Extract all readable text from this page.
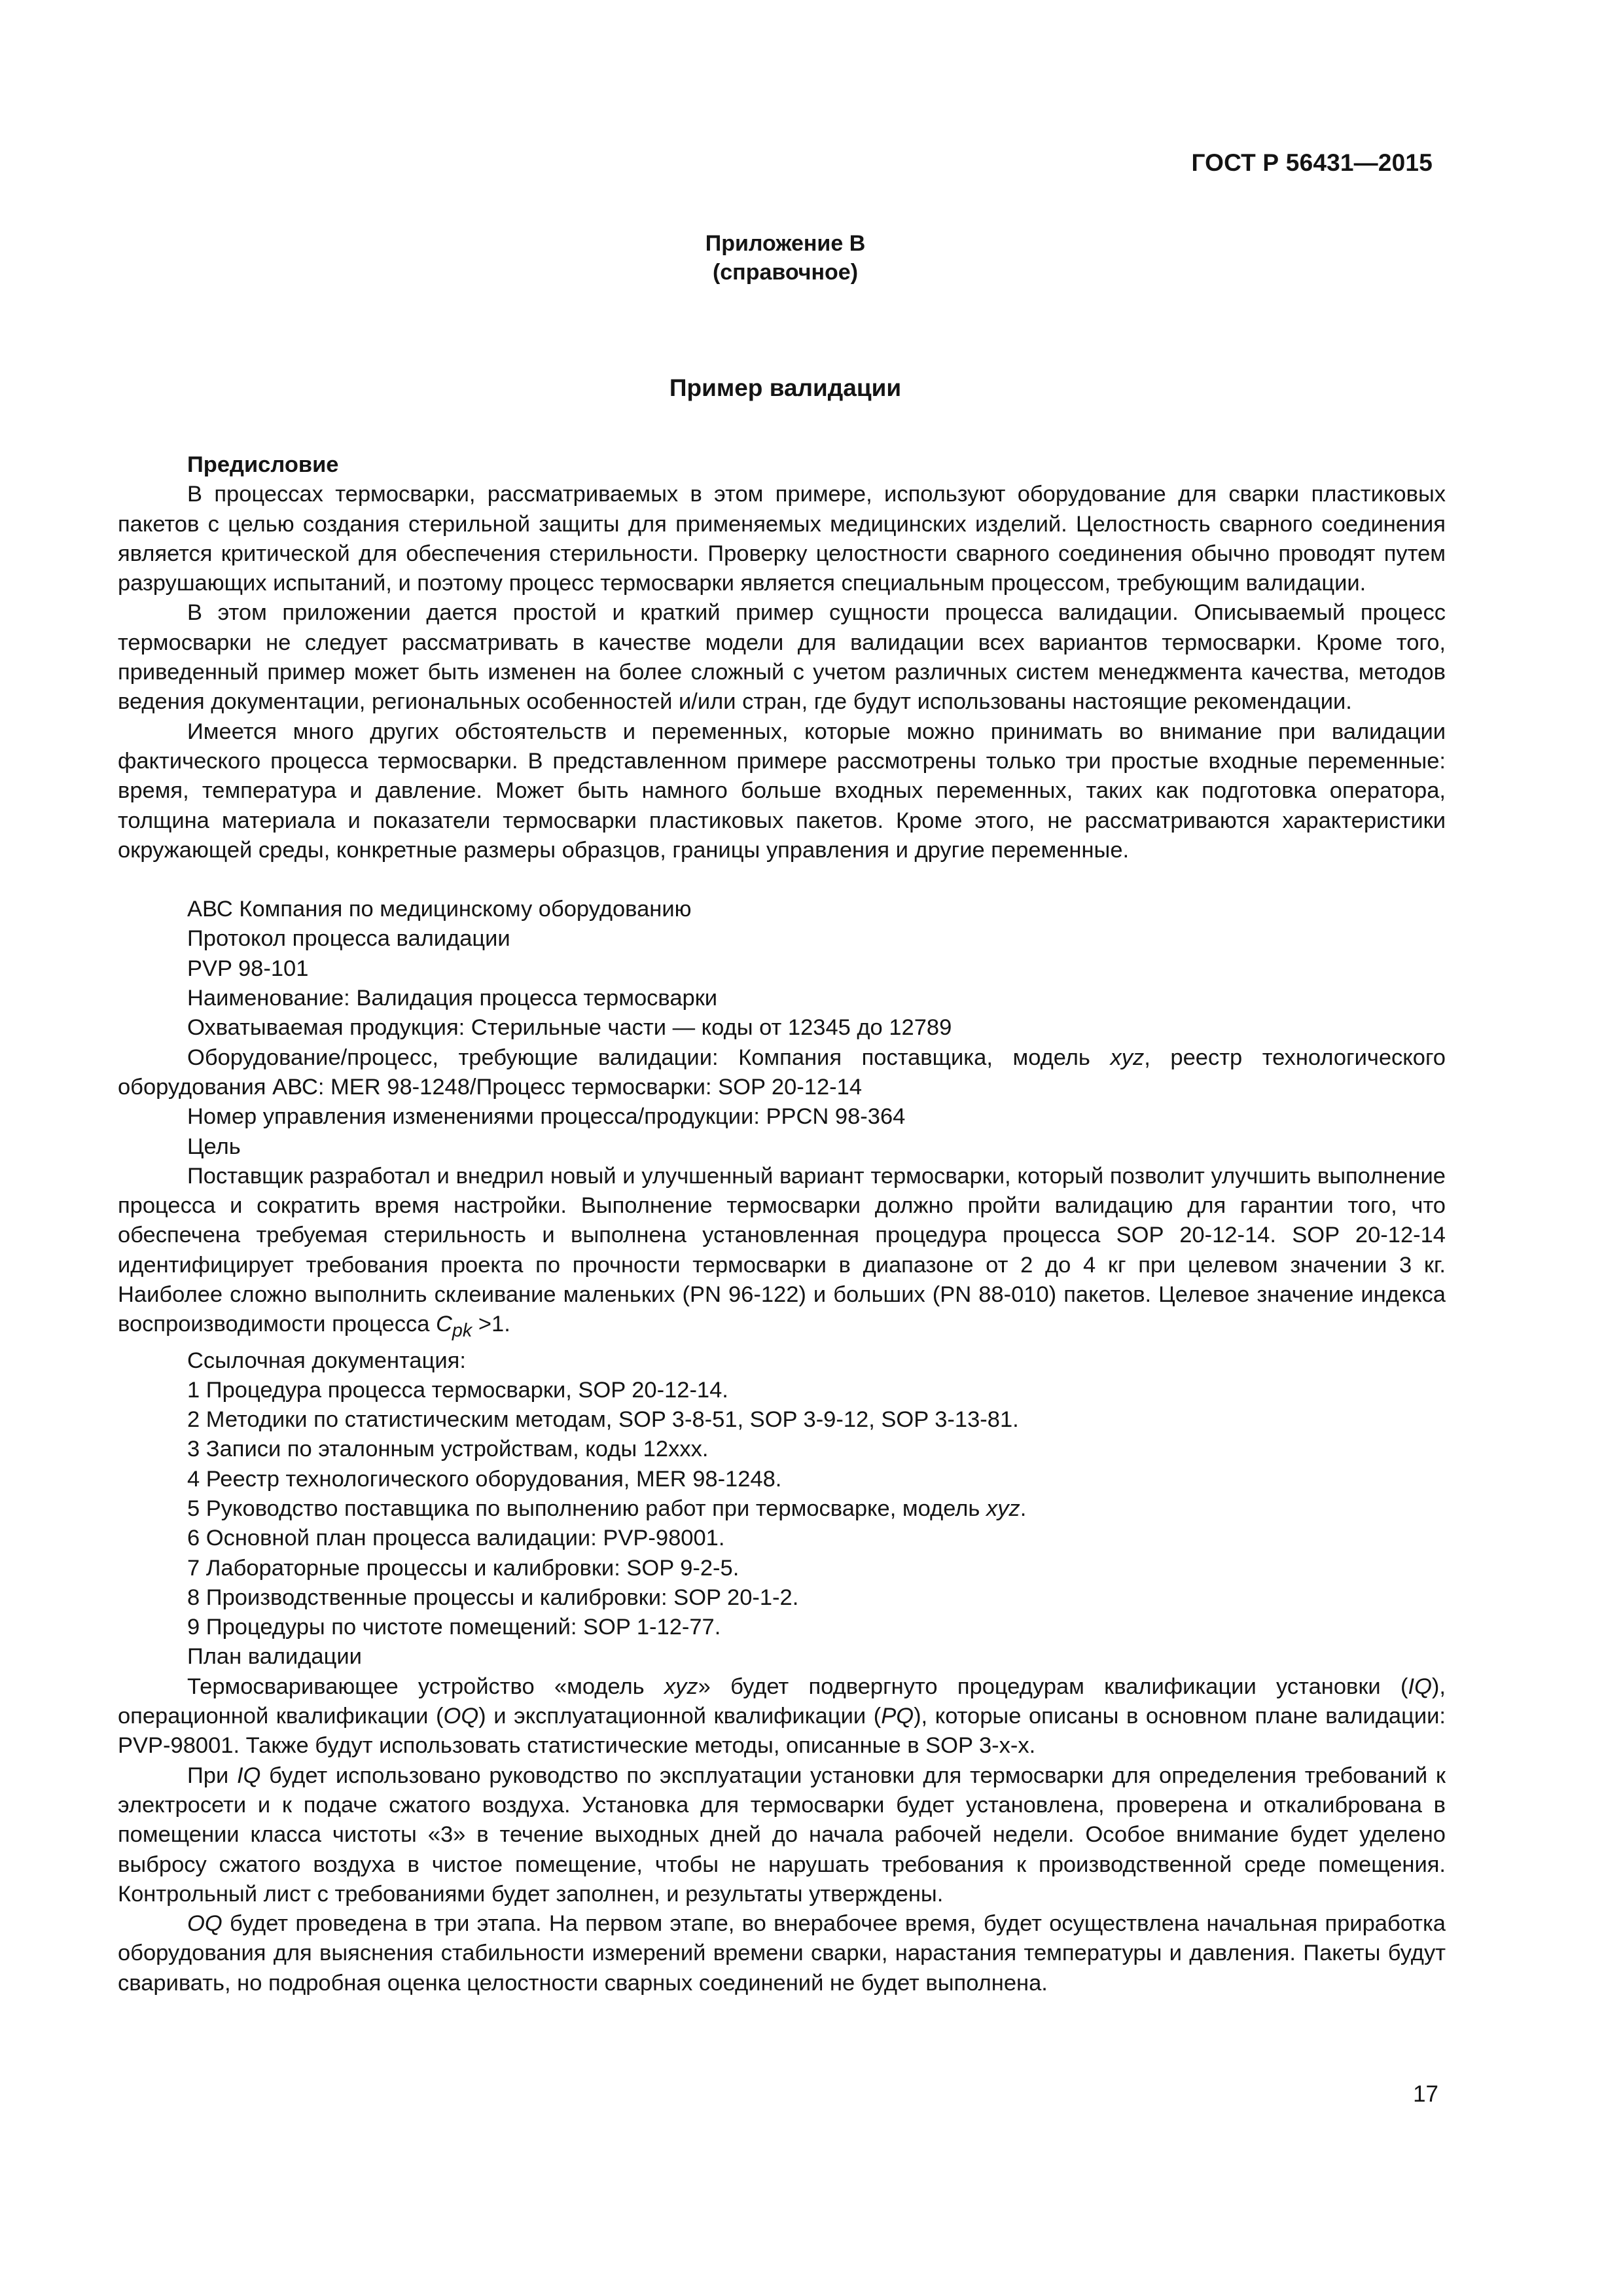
ГОСТ Р 56431—2015
Приложение В
(справочное)
Пример валидации
Предисловие

В процессах термосварки, рассматриваемых в этом примере, используют оборудование для сварки пластиковых пакетов с целью создания стерильной защиты для применяемых медицинских изделий. Целостность сварного соединения является критической для обеспечения стерильности. Проверку целостности сварного соединения обычно проводят путем разрушающих испытаний, и поэтому процесс термосварки является специальным процессом, требующим валидации.

В этом приложении дается простой и краткий пример сущности процесса валидации. Описываемый процесс термосварки не следует рассматривать в качестве модели для валидации всех вариантов термосварки. Кроме того, приведенный пример может быть изменен на более сложный с учетом различных систем менеджмента качества, методов ведения документации, региональных особенностей и/или стран, где будут использованы настоящие рекомендации.

Имеется много других обстоятельств и переменных, которые можно принимать во внимание при валидации фактического процесса термосварки. В представленном примере рассмотрены только три простые входные переменные: время, температура и давление. Может быть намного больше входных переменных, таких как подготовка оператора, толщина материала и показатели термосварки пластиковых пакетов. Кроме этого, не рассматриваются характеристики окружающей среды, конкретные размеры образцов, границы управления и другие переменные.

АВС Компания по медицинскому оборудованию

Протокол процесса валидации

PVP 98-101

Наименование: Валидация процесса термосварки

Охватываемая продукция: Стерильные части — коды от 12345 до 12789

Оборудование/процесс, требующие валидации: Компания поставщика, модель xyz, реестр технологического оборудования АВС: MER 98-1248/Процесс термосварки: SOP 20-12-14

Номер управления изменениями процесса/продукции: PPCN 98-364

Цель

Поставщик разработал и внедрил новый и улучшенный вариант термосварки, который позволит улучшить выполнение процесса и сократить время настройки. Выполнение термосварки должно пройти валидацию для гарантии того, что обеспечена требуемая стерильность и выполнена установленная процедура процесса SOP 20-12-14. SOP 20-12-14 идентифицирует требования проекта по прочности термосварки в диапазоне от 2 до 4 кг при целевом значении 3 кг. Наиболее сложно выполнить склеивание маленьких (PN 96-122) и больших (PN 88-010) пакетов. Целевое значение индекса воспроизводимости процесса $C_{pk} >1$.

Ссылочная документация:

1 Процедура процесса термосварки, SOP 20-12-14.

2 Методики по статистическим методам, SOP 3-8-51, SOP 3-9-12, SOP 3-13-81.

3 Записи по эталонным устройствам, коды 12ххх.

4 Реестр технологического оборудования, MER 98-1248.

5 Руководство поставщика по выполнению работ при термосварке, модель xyz.

6 Основной план процесса валидации: PVP-98001.

7 Лабораторные процессы и калибровки: SOP 9-2-5.

8 Производственные процессы и калибровки: SOP 20-1-2.

9 Процедуры по чистоте помещений: SOP 1-12-77.

План валидации

Термосваривающее устройство «модель xyz» будет подвергнуто процедурам квалификации установки (IQ), операционной квалификации (OQ) и эксплуатационной квалификации (PQ), которые описаны в основном плане валидации: PVP-98001. Также будут использовать статистические методы, описанные в SOP 3-х-х.

При IQ будет использовано руководство по эксплуатации установки для термосварки для определения требований к электросети и к подаче сжатого воздуха. Установка для термосварки будет установлена, проверена и откалибрована в помещении класса чистоты «3» в течение выходных дней до начала рабочей недели. Особое внимание будет уделено выбросу сжатого воздуха в чистое помещение, чтобы не нарушать требования к производственной среде помещения. Контрольный лист с требованиями будет заполнен, и результаты утверждены.

OQ будет проведена в три этапа. На первом этапе, во внерабочее время, будет осуществлена начальная приработка оборудования для выяснения стабильности измерений времени сварки, нарастания температуры и давления. Пакеты будут сваривать, но подробная оценка целостности сварных соединений не будет выполнена.

17
